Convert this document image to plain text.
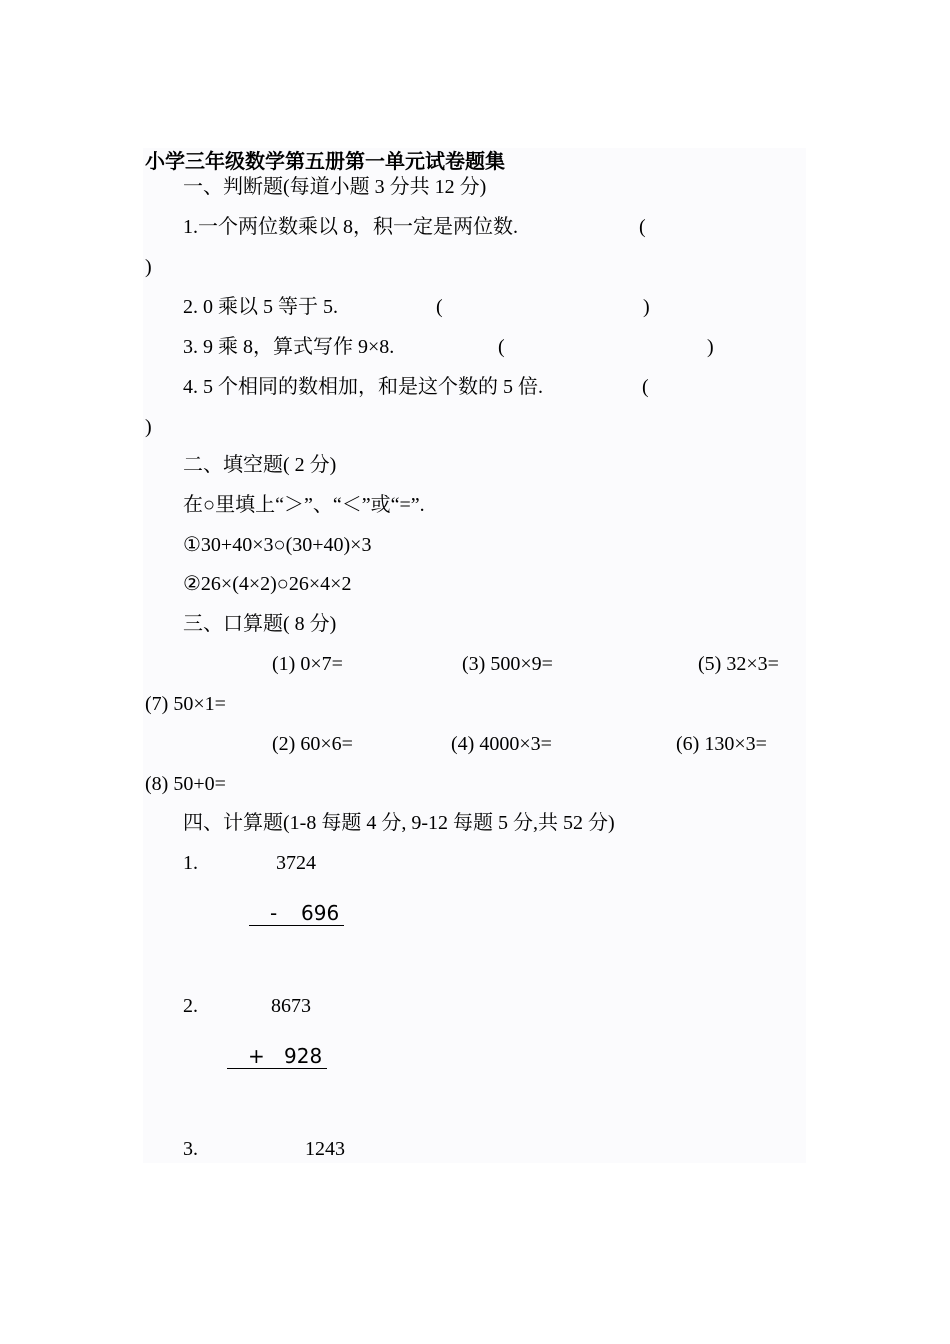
小学三年级数学第五册第一单元试卷题集
一、判断题(每道小题 3 分共 12 分)
1.一个两位数乘以 8，积一定是两位数.	(
)
2. 0 乘以 5 等于 5.	(	)
3. 9 乘 8，算式写作 9×8.	(	)
4. 5 个相同的数相加，和是这个数的 5 倍.	(
)
二、填空题( 2 分)
在○里填上“＞”、“＜”或“=”.
①30+40×3○(30+40)×3
②26×(4×2)○26×4×2
三、口算题( 8 分)
(1) 0×7=	(3) 500×9=	(5) 32×3=
(7) 50×1=
(2) 60×6=	(4) 4000×3=	(6) 130×3=
(8) 50+0=
四、计算题(1-8 每题 4 分, 9-12 每题 5 分,共 52 分)
1.	3724
- 696
2.	8673
+ 928
3.	1243
